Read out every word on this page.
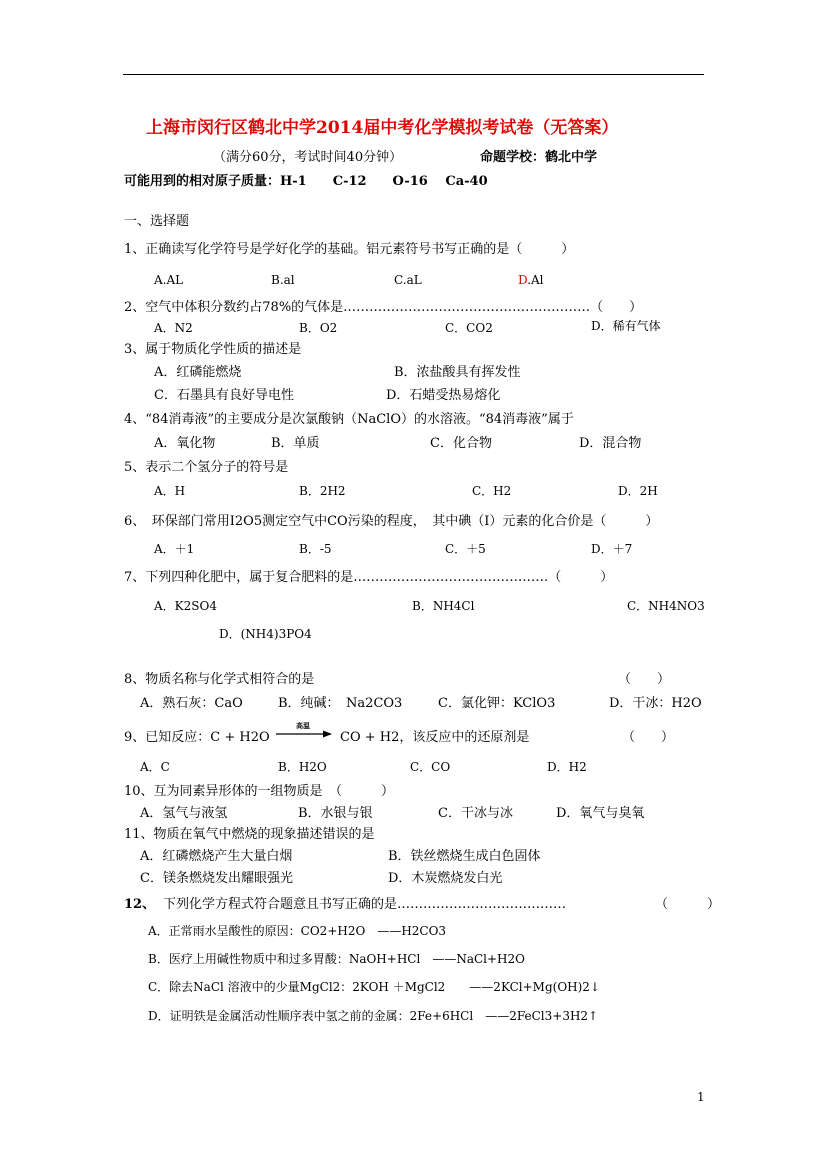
上海市闵行区鹤北中学2014届中考化学模拟考试卷（无答案）
（满分60分，考试时间40分钟）	命题学校：鹤北中学
可能用到的相对原子质量：H-1　　C-12　　O-16　 Ca-40
一、选择题
1、正确读写化学符号是学好化学的基础。铝元素符号书写正确的是（　　　）
A.AL	B.al	C.aL	D.Al
2、空气中体积分数约占78%的气体是…………………………………………………（　　）
A．N2	B．O2	C．CO2	D．稀有气体
3、属于物质化学性质的描述是
A．红磷能燃烧	B．浓盐酸具有挥发性
C．石墨具有良好导电性	D．石蜡受热易熔化
4、“84消毒液”的主要成分是次氯酸钠（NaClO）的水溶液。“84消毒液”属于
A．氧化物	B．单质	C．化合物	D．混合物
5、表示二个氢分子的符号是
A．H	B．2H2	C．H2	D．2H
6、　环保部门常用I2O5测定空气中CO污染的程度，　其中碘（I）元素的化合价是（　　　）
A．＋1	B．-5	C．＋5	D．＋7
7、下列四种化肥中，属于复合肥料的是………………………………………（　　　）
A．K2SO4	B．NH4Cl	C．NH4NO3
D．(NH4)3PO4
8、物质名称与化学式相符合的是	（　　）
A．熟石灰：CaO	B．纯碱：　Na2CO3	C．氯化钾：KClO3	D．干冰：H2O
9、已知反应：C + H2O
高温
CO + H2，该反应中的还原剂是	（　　）
A．C	B．H2O	C．CO	D．H2
10、互为同素异形体的一组物质是　（　　　）
A．氢气与液氢	B．水银与银	C．干冰与冰	D．氧气与臭氧
11、物质在氧气中燃烧的现象描述错误的是
A．红磷燃烧产生大量白烟	B．铁丝燃烧生成白色固体
C．镁条燃烧发出耀眼强光	D．木炭燃烧发白光
12、 下列化学方程式符合题意且书写正确的是…………………………………	（　　　）
A．正常雨水呈酸性的原因：CO2+H2O　——H2CO3
B．医疗上用碱性物质中和过多胃酸：NaOH+HCl　——NaCl+H2O
C．除去NaCl 溶液中的少量MgCl2：2KOH ＋MgCl2　　——2KCl+Mg(OH)2↓
D．证明铁是金属活动性顺序表中氢之前的金属：2Fe+6HCl　——2FeCl3+3H2↑
1
